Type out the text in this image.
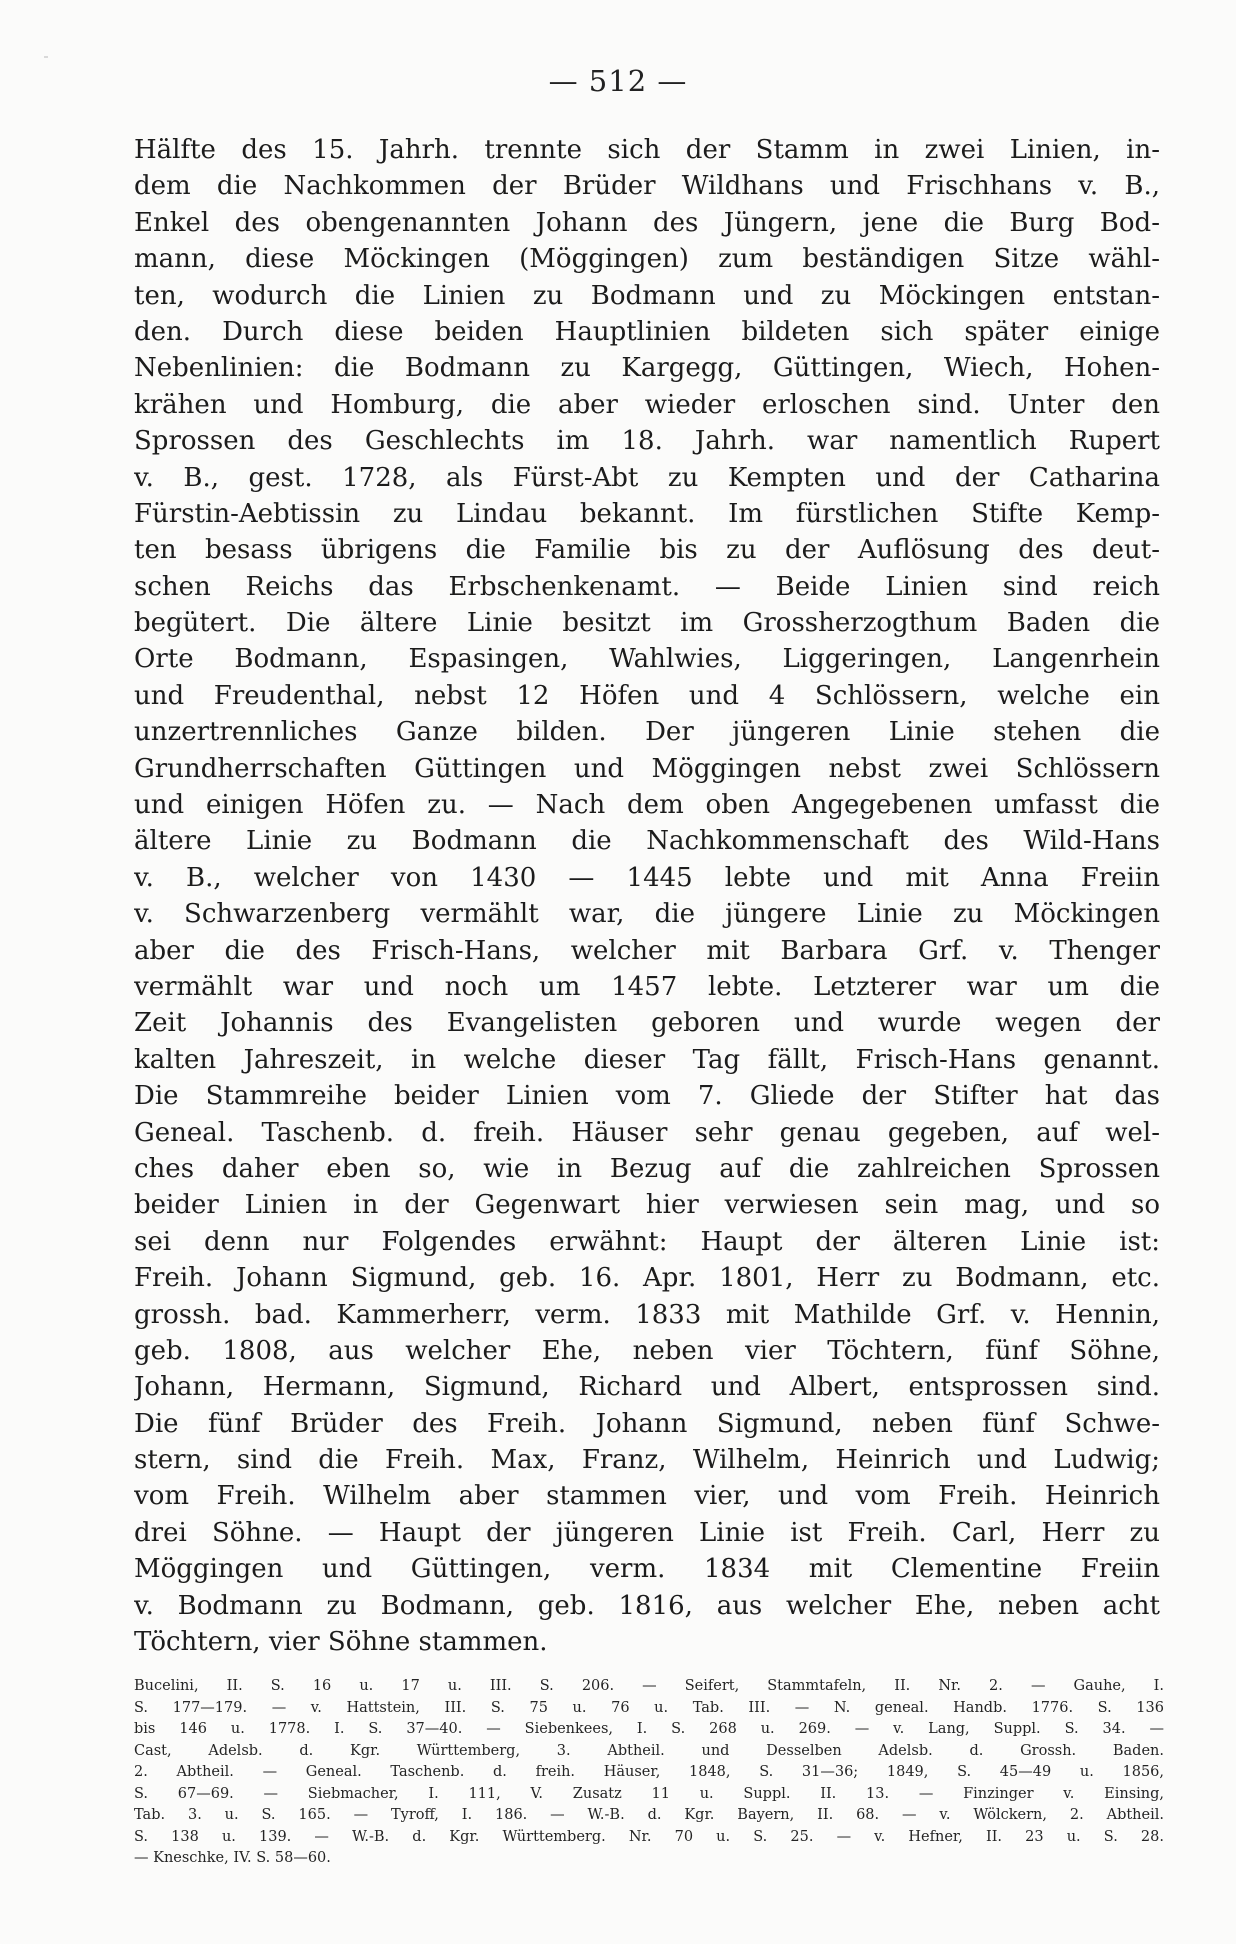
— 512 —
Hälfte des 15. Jahrh. trennte sich der Stamm in zwei Linien, in-
dem die Nachkommen der Brüder Wildhans und Frischhans v. B.,
Enkel des obengenannten Johann des Jüngern, jene die Burg Bod-
mann, diese Möckingen (Möggingen) zum beständigen Sitze wähl-
ten, wodurch die Linien zu Bodmann und zu Möckingen entstan-
den. Durch diese beiden Hauptlinien bildeten sich später einige
Nebenlinien: die Bodmann zu Kargegg, Güttingen, Wiech, Hohen-
krähen und Homburg, die aber wieder erloschen sind. Unter den
Sprossen des Geschlechts im 18. Jahrh. war namentlich Rupert
v. B., gest. 1728, als Fürst-Abt zu Kempten und der Catharina
Fürstin-Aebtissin zu Lindau bekannt. Im fürstlichen Stifte Kemp-
ten besass übrigens die Familie bis zu der Auflösung des deut-
schen Reichs das Erbschenkenamt. — Beide Linien sind reich
begütert. Die ältere Linie besitzt im Grossherzogthum Baden die
Orte Bodmann, Espasingen, Wahlwies, Liggeringen, Langenrhein
und Freudenthal, nebst 12 Höfen und 4 Schlössern, welche ein
unzertrennliches Ganze bilden. Der jüngeren Linie stehen die
Grundherrschaften Güttingen und Möggingen nebst zwei Schlössern
und einigen Höfen zu. — Nach dem oben Angegebenen umfasst die
ältere Linie zu Bodmann die Nachkommenschaft des Wild-Hans
v. B., welcher von 1430 — 1445 lebte und mit Anna Freiin
v. Schwarzenberg vermählt war, die jüngere Linie zu Möckingen
aber die des Frisch-Hans, welcher mit Barbara Grf. v. Thenger
vermählt war und noch um 1457 lebte. Letzterer war um die
Zeit Johannis des Evangelisten geboren und wurde wegen der
kalten Jahreszeit, in welche dieser Tag fällt, Frisch-Hans genannt.
Die Stammreihe beider Linien vom 7. Gliede der Stifter hat das
Geneal. Taschenb. d. freih. Häuser sehr genau gegeben, auf wel-
ches daher eben so, wie in Bezug auf die zahlreichen Sprossen
beider Linien in der Gegenwart hier verwiesen sein mag, und so
sei denn nur Folgendes erwähnt: Haupt der älteren Linie ist:
Freih. Johann Sigmund, geb. 16. Apr. 1801, Herr zu Bodmann, etc.
grossh. bad. Kammerherr, verm. 1833 mit Mathilde Grf. v. Hennin,
geb. 1808, aus welcher Ehe, neben vier Töchtern, fünf Söhne,
Johann, Hermann, Sigmund, Richard und Albert, entsprossen sind.
Die fünf Brüder des Freih. Johann Sigmund, neben fünf Schwe-
stern, sind die Freih. Max, Franz, Wilhelm, Heinrich und Ludwig;
vom Freih. Wilhelm aber stammen vier, und vom Freih. Heinrich
drei Söhne. — Haupt der jüngeren Linie ist Freih. Carl, Herr zu
Möggingen und Güttingen, verm. 1834 mit Clementine Freiin
v. Bodmann zu Bodmann, geb. 1816, aus welcher Ehe, neben acht
Töchtern, vier Söhne stammen.
Bucelini, II. S. 16 u. 17 u. III. S. 206. — Seifert, Stammtafeln, II. Nr. 2. — Gauhe, I.
S. 177—179. — v. Hattstein, III. S. 75 u. 76 u. Tab. III. — N. geneal. Handb. 1776. S. 136
bis 146 u. 1778. I. S. 37—40. — Siebenkees, I. S. 268 u. 269. — v. Lang, Suppl. S. 34. —
Cast, Adelsb. d. Kgr. Württemberg, 3. Abtheil. und Desselben Adelsb. d. Grossh. Baden.
2. Abtheil. — Geneal. Taschenb. d. freih. Häuser, 1848, S. 31—36; 1849, S. 45—49 u. 1856,
S. 67—69. — Siebmacher, I. 111, V. Zusatz 11 u. Suppl. II. 13. — Finzinger v. Einsing,
Tab. 3. u. S. 165. — Tyroff, I. 186. — W.-B. d. Kgr. Bayern, II. 68. — v. Wölckern, 2. Abtheil.
S. 138 u. 139. — W.-B. d. Kgr. Württemberg. Nr. 70 u. S. 25. — v. Hefner, II. 23 u. S. 28.
— Kneschke, IV. S. 58—60.
